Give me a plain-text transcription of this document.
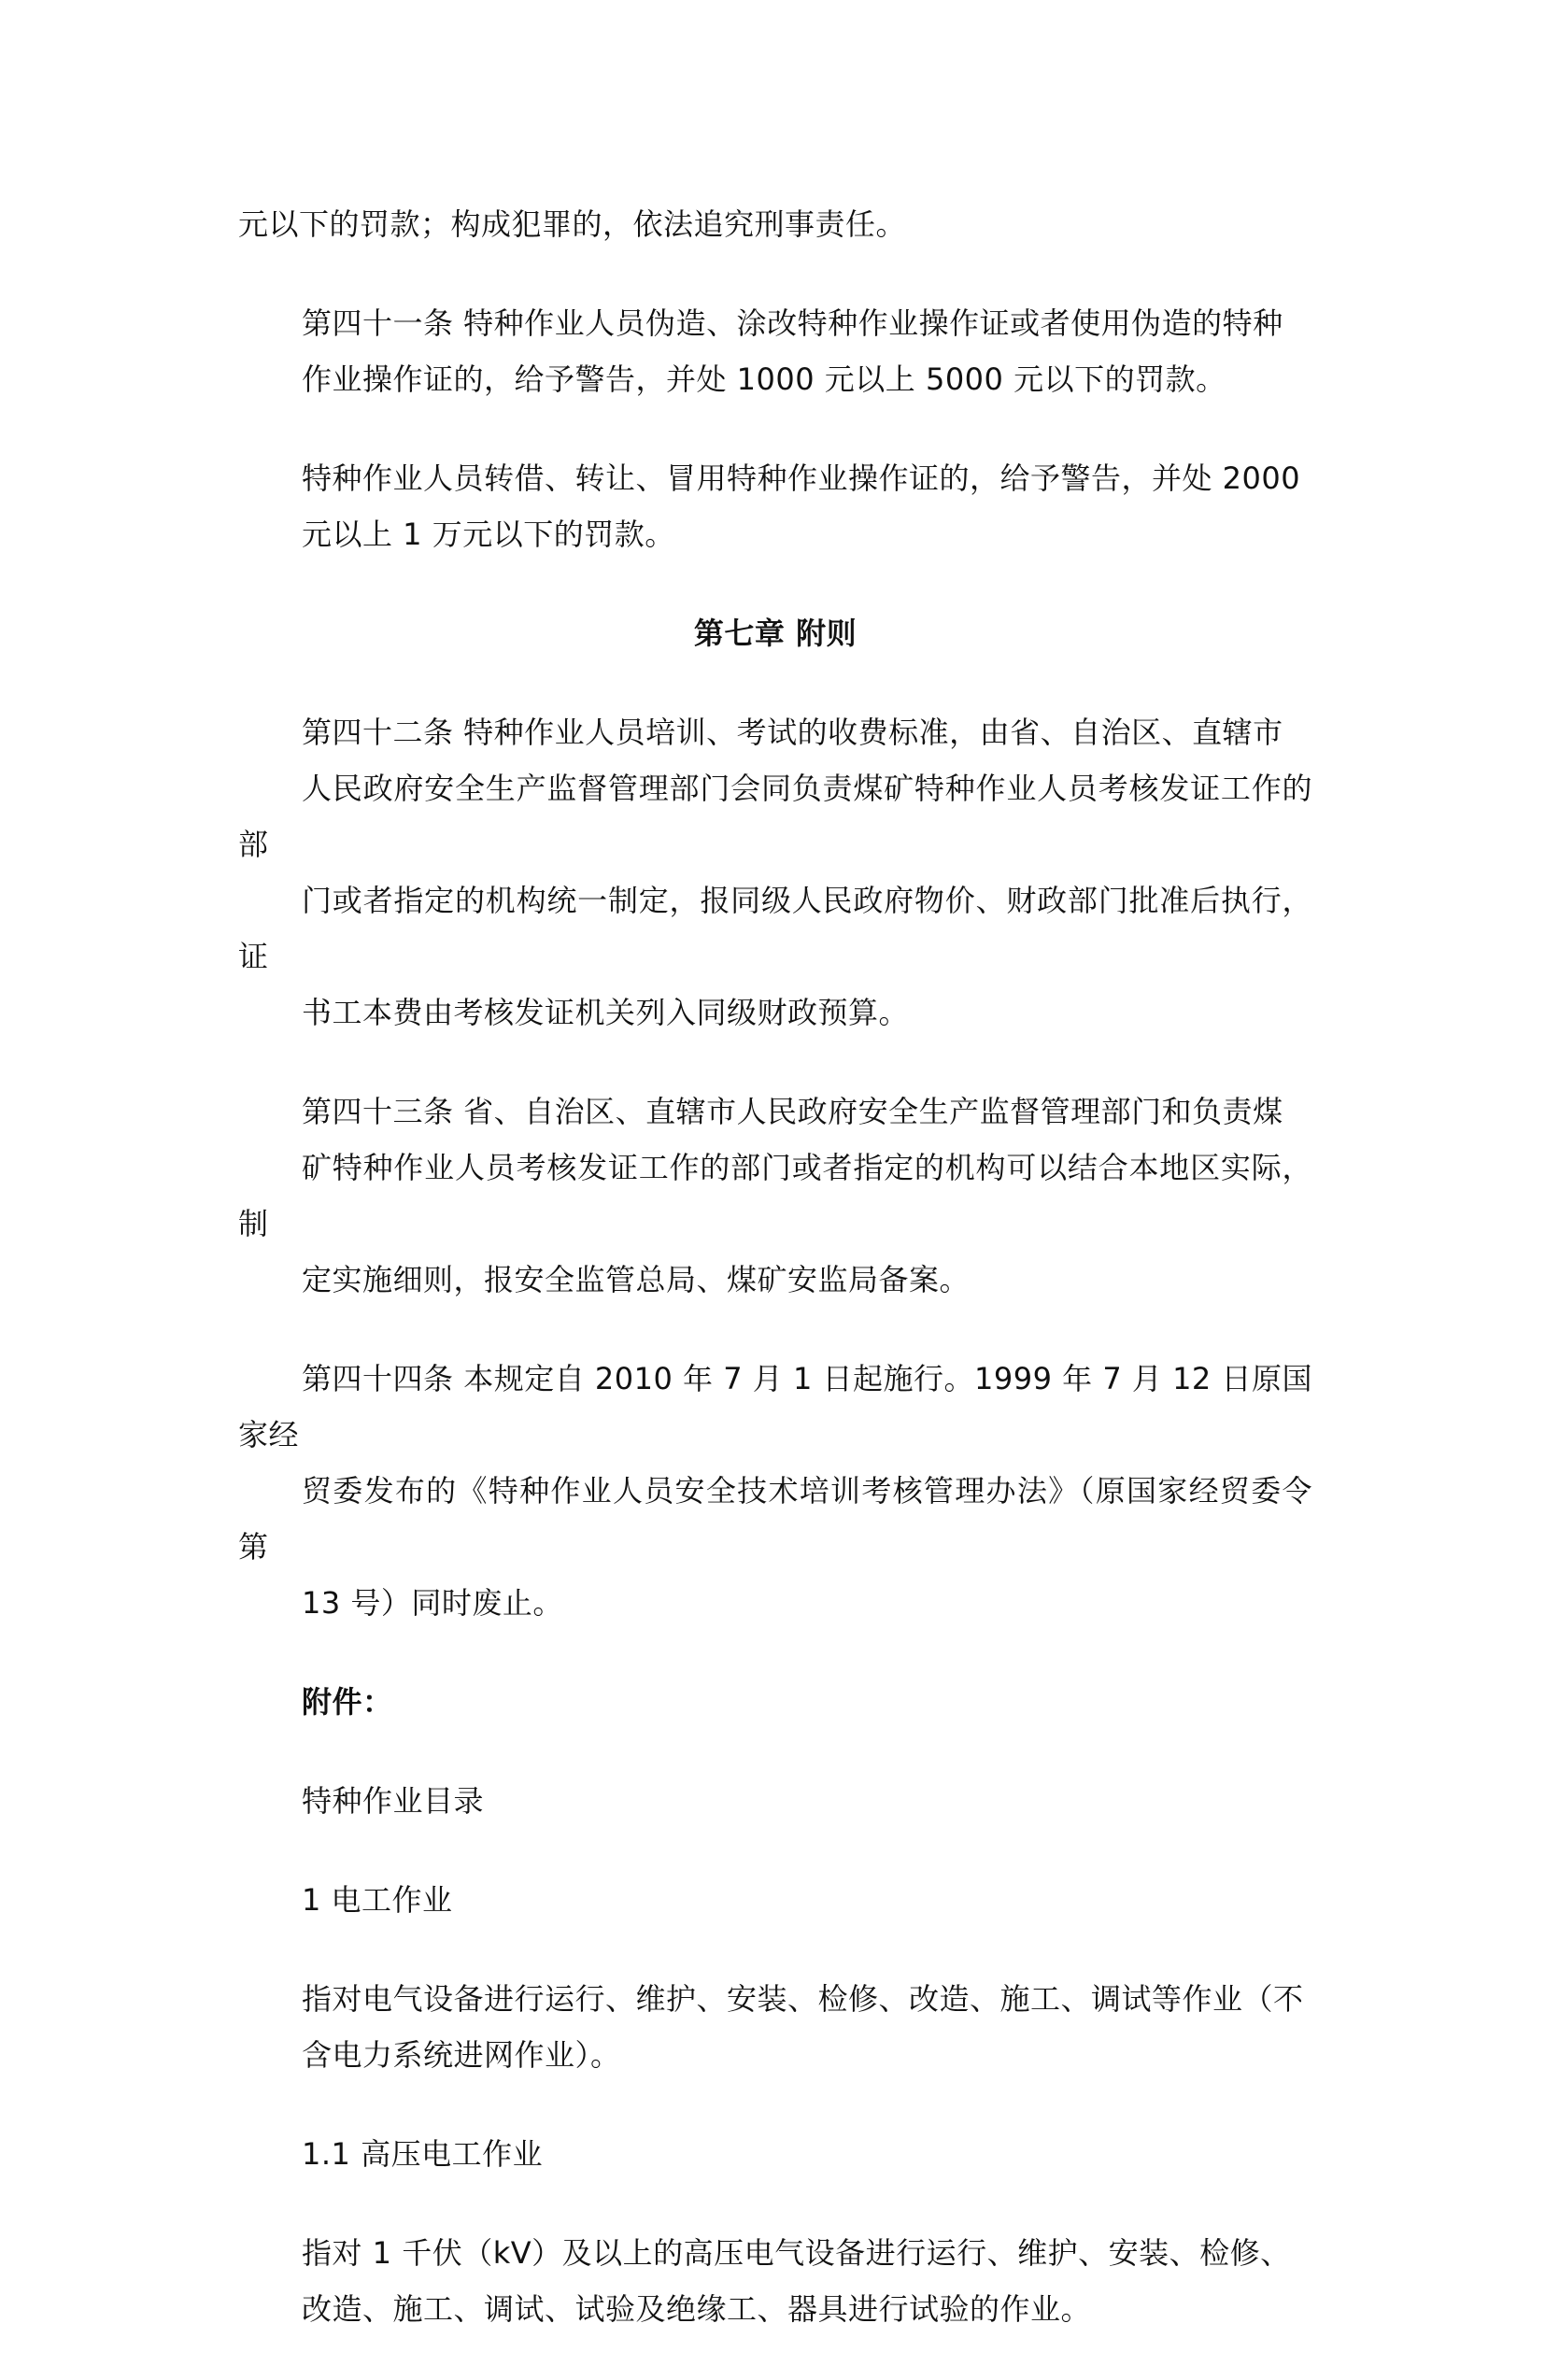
元以下的罚款；构成犯罪的，依法追究刑事责任。

第四十一条 特种作业人员伪造、涂改特种作业操作证或者使用伪造的特种
作业操作证的，给予警告，并处 1000 元以上 5000 元以下的罚款。

特种作业人员转借、转让、冒用特种作业操作证的，给予警告，并处 2000
元以上 1 万元以下的罚款。

第七章 附则

第四十二条 特种作业人员培训、考试的收费标准，由省、自治区、直辖市
人民政府安全生产监督管理部门会同负责煤矿特种作业人员考核发证工作的部
门或者指定的机构统一制定，报同级人民政府物价、财政部门批准后执行，证
书工本费由考核发证机关列入同级财政预算。

第四十三条 省、自治区、直辖市人民政府安全生产监督管理部门和负责煤
矿特种作业人员考核发证工作的部门或者指定的机构可以结合本地区实际，制
定实施细则，报安全监管总局、煤矿安监局备案。

第四十四条 本规定自 2010 年 7 月 1 日起施行。1999 年 7 月 12 日原国家经
贸委发布的《特种作业人员安全技术培训考核管理办法》（原国家经贸委令第
13 号）同时废止。

附件：

特种作业目录

1 电工作业

指对电气设备进行运行、维护、安装、检修、改造、施工、调试等作业（不
含电力系统进网作业）。

1.1 高压电工作业

指对 1 千伏（kV）及以上的高压电气设备进行运行、维护、安装、检修、
改造、施工、调试、试验及绝缘工、器具进行试验的作业。
